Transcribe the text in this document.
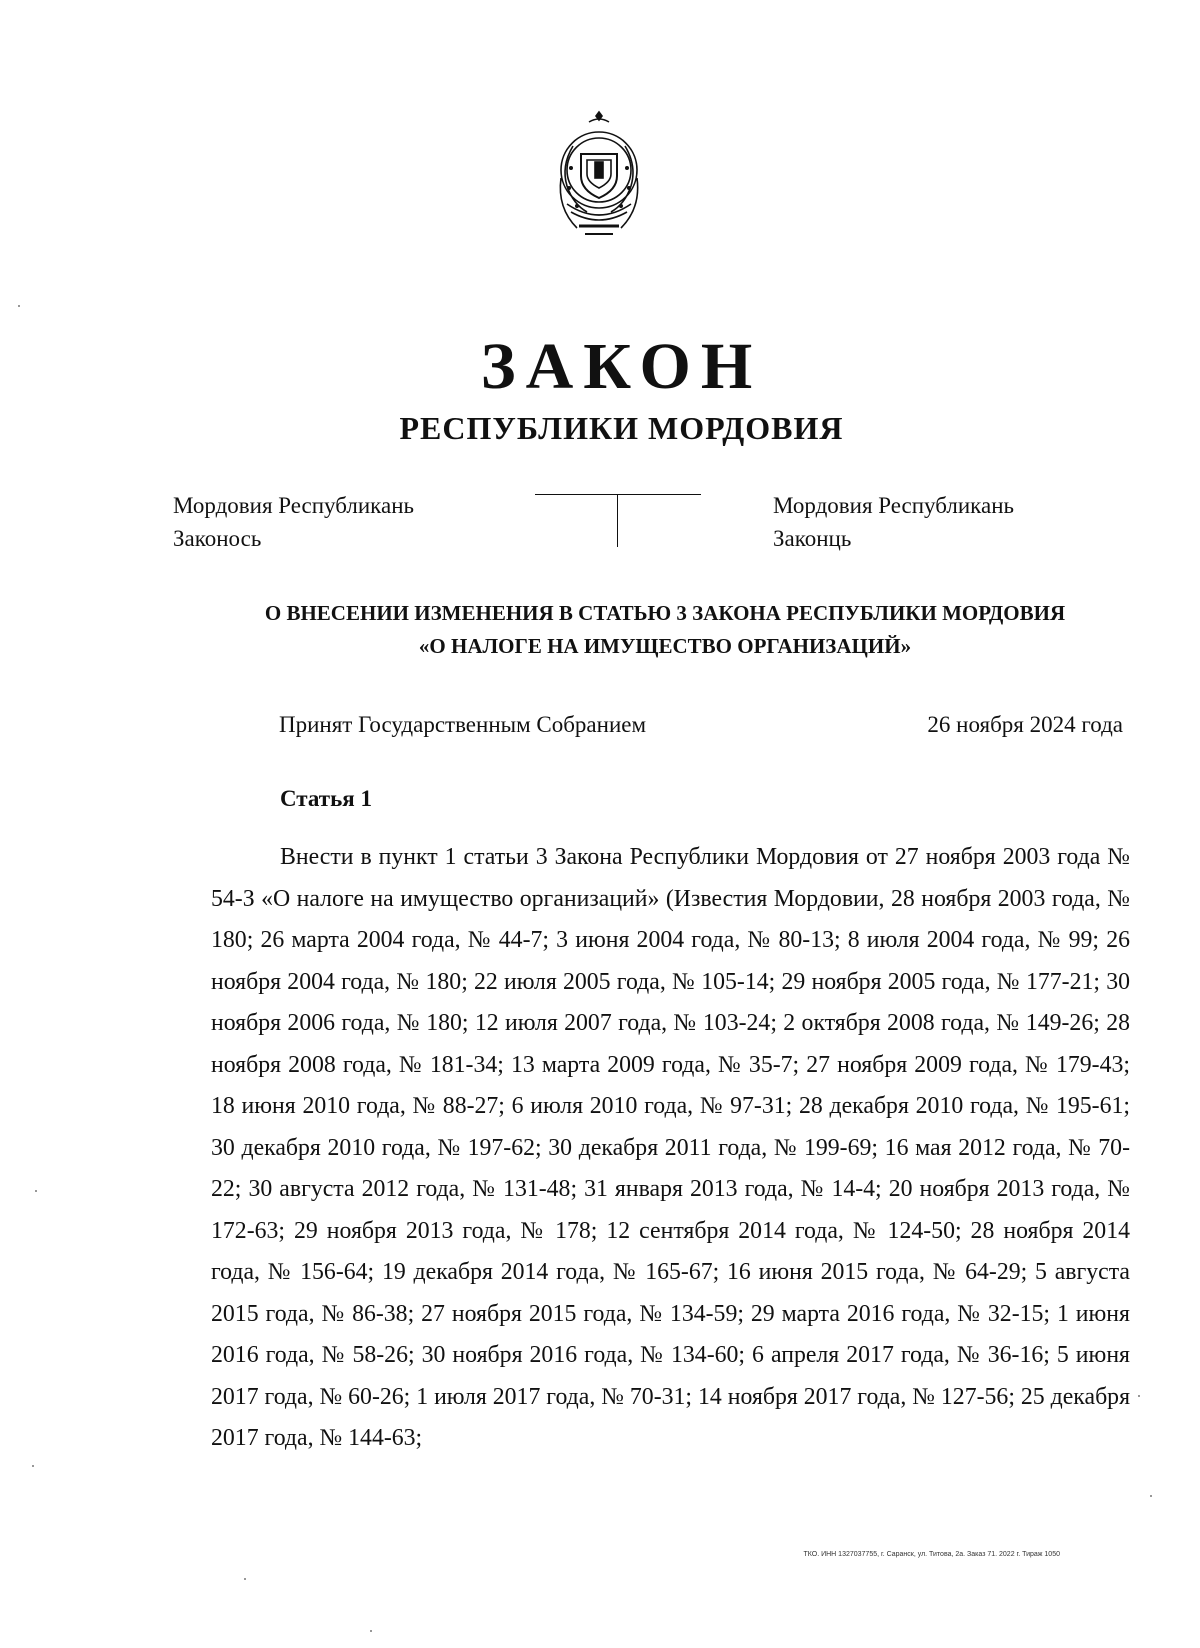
ЗАКОН
РЕСПУБЛИКИ МОРДОВИЯ
Мордовия Республикань
Законось
Мордовия Республикань
Законць
О ВНЕСЕНИИ ИЗМЕНЕНИЯ В СТАТЬЮ 3 ЗАКОНА РЕСПУБЛИКИ МОРДОВИЯ
«О НАЛОГЕ НА ИМУЩЕСТВО ОРГАНИЗАЦИЙ»
Принят Государственным Собранием	26 ноября 2024 года
Статья 1

Внести в пункт 1 статьи 3 Закона Республики Мордовия от 27 ноября 2003 года № 54-З «О налоге на имущество организаций» (Известия Мордовии, 28 ноября 2003 года, № 180; 26 марта 2004 года, № 44-7; 3 июня 2004 года, № 80-13; 8 июля 2004 года, № 99; 26 ноября 2004 года, № 180; 22 июля 2005 года, № 105-14; 29 ноября 2005 года, № 177-21; 30 ноября 2006 года, № 180; 12 июля 2007 года, № 103-24; 2 октября 2008 года, № 149-26; 28 ноября 2008 года, № 181-34; 13 марта 2009 года, № 35-7; 27 ноября 2009 года, № 179-43; 18 июня 2010 года, № 88-27; 6 июля 2010 года, № 97-31; 28 декабря 2010 года, № 195-61; 30 декабря 2010 года, № 197-62; 30 декабря 2011 года, № 199-69; 16 мая 2012 года, № 70-22; 30 августа 2012 года, № 131-48; 31 января 2013 года, № 14-4; 20 ноября 2013 года, № 172-63; 29 ноября 2013 года, № 178; 12 сентября 2014 года, № 124-50; 28 ноября 2014 года, № 156-64; 19 декабря 2014 года, № 165-67; 16 июня 2015 года, № 64-29; 5 августа 2015 года, № 86-38; 27 ноября 2015 года, № 134-59; 29 марта 2016 года, № 32-15; 1 июня 2016 года, № 58-26; 30 ноября 2016 года, № 134-60; 6 апреля 2017 года, № 36-16; 5 июня 2017 года, № 60-26; 1 июля 2017 года, № 70-31; 14 ноября 2017 года, № 127-56; 25 декабря 2017 года, № 144-63;

ТКО. ИНН 1327037755, г. Саранск, ул. Титова, 2а. Заказ 71. 2022 г. Тираж 1050
